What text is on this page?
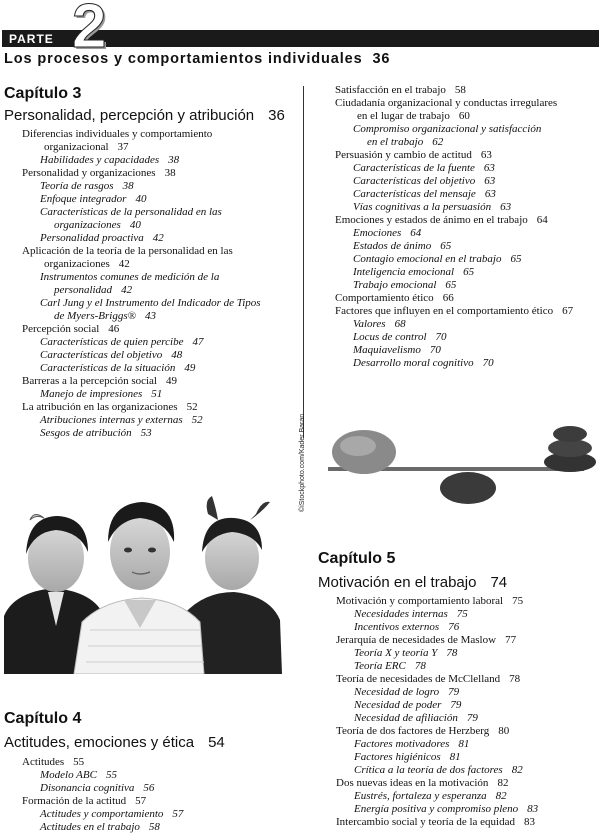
PARTE 2
Los procesos y comportamientos individuales 36
Capítulo 3
Personalidad, percepción y atribución 36
Diferencias individuales y comportamiento
organizacional 37
Habilidades y capacidades 38
Personalidad y organizaciones 38
Teoría de rasgos 38
Enfoque integrador 40
Características de la personalidad en las
organizaciones 40
Personalidad proactiva 42
Aplicación de la teoría de la personalidad en las
organizaciones 42
Instrumentos comunes de medición de la
personalidad 42
Carl Jung y el Instrumento del Indicador de Tipos
de Myers-Briggs® 43
Percepción social 46
Características de quien percibe 47
Características del objetivo 48
Características de la situación 49
Barreras a la percepción social 49
Manejo de impresiones 51
La atribución en las organizaciones 52
Atribuciones internas y externas 52
Sesgos de atribución 53
Satisfacción en el trabajo 58
Ciudadanía organizacional y conductas irregulares
en el lugar de trabajo 60
Compromiso organizacional y satisfacción
en el trabajo 62
Persuasión y cambio de actitud 63
Características de la fuente 63
Características del objetivo 63
Características del mensaje 63
Vías cognitivas a la persuasión 63
Emociones y estados de ánimo en el trabajo 64
Emociones 64
Estados de ánimo 65
Contagio emocional en el trabajo 65
Inteligencia emocional 65
Trabajo emocional 65
Comportamiento ético 66
Factores que influyen en el comportamiento ético 67
Valores 68
Locus de control 70
Maquiavelismo 70
Desarrollo moral cognitivo 70
Capítulo 4
Actitudes, emociones y ética 54
Actitudes 55
Modelo ABC 55
Disonancia cognitiva 56
Formación de la actitud 57
Actitudes y comportamiento 57
Actitudes en el trabajo 58
©iStockphoto.com/Kader Baran
Capítulo 5
Motivación en el trabajo 74
Motivación y comportamiento laboral 75
Necesidades internas 75
Incentivos externos 76
Jerarquía de necesidades de Maslow 77
Teoría X y teoría Y 78
Teoría ERC 78
Teoría de necesidades de McClelland 78
Necesidad de logro 79
Necesidad de poder 79
Necesidad de afiliación 79
Teoría de dos factores de Herzberg 80
Factores motivadores 81
Factores higiénicos 81
Crítica a la teoría de dos factores 82
Dos nuevas ideas en la motivación 82
Eustrés, fortaleza y esperanza 82
Energía positiva y compromiso pleno 83
Intercambio social y teoría de la equidad 83
